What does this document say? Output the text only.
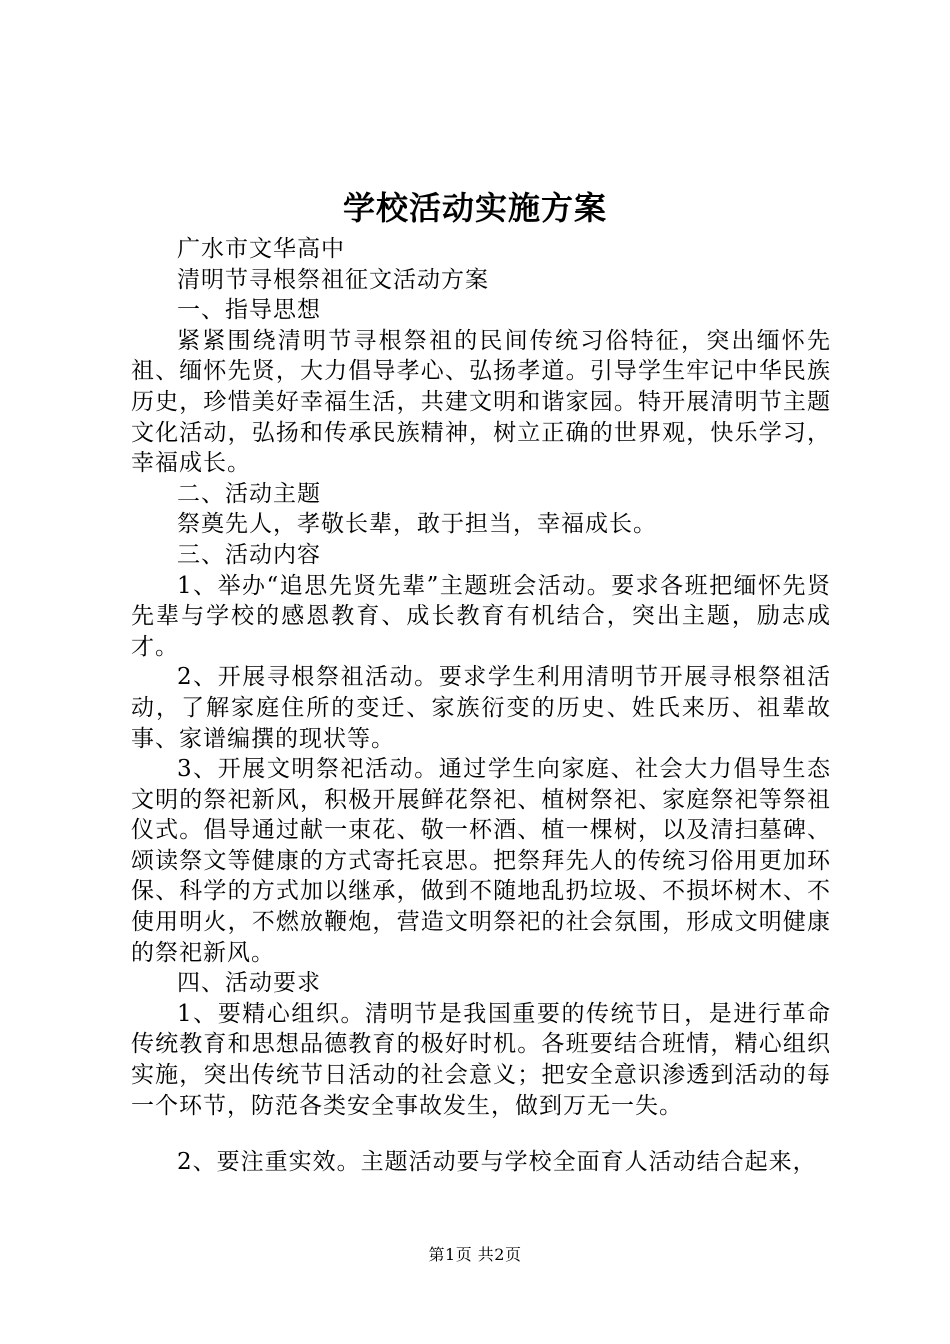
学校活动实施方案

广水市文华高中

清明节寻根祭祖征文活动方案

一、指导思想

紧紧围绕清明节寻根祭祖的民间传统习俗特征，突出缅怀先祖、缅怀先贤，大力倡导孝心、弘扬孝道。引导学生牢记中华民族历史，珍惜美好幸福生活，共建文明和谐家园。特开展清明节主题文化活动，弘扬和传承民族精神，树立正确的世界观，快乐学习，幸福成长。

二、活动主题

祭奠先人，孝敬长辈，敢于担当，幸福成长。

三、活动内容

1、举办“追思先贤先辈”主题班会活动。要求各班把缅怀先贤先辈与学校的感恩教育、成长教育有机结合，突出主题，励志成才。

2、开展寻根祭祖活动。要求学生利用清明节开展寻根祭祖活动，了解家庭住所的变迁、家族衍变的历史、姓氏来历、祖辈故事、家谱编撰的现状等。

3、开展文明祭祀活动。通过学生向家庭、社会大力倡导生态文明的祭祀新风，积极开展鲜花祭祀、植树祭祀、家庭祭祀等祭祖仪式。倡导通过献一束花、敬一杯酒、植一棵树，以及清扫墓碑、颂读祭文等健康的方式寄托哀思。把祭拜先人的传统习俗用更加环保、科学的方式加以继承，做到不随地乱扔垃圾、不损坏树木、不使用明火，不燃放鞭炮，营造文明祭祀的社会氛围，形成文明健康的祭祀新风。

四、活动要求

1、要精心组织。清明节是我国重要的传统节日，是进行革命传统教育和思想品德教育的极好时机。各班要结合班情，精心组织实施，突出传统节日活动的社会意义；把安全意识渗透到活动的每一个环节，防范各类安全事故发生，做到万无一失。

2、要注重实效。主题活动要与学校全面育人活动结合起来，

第1页 共2页
